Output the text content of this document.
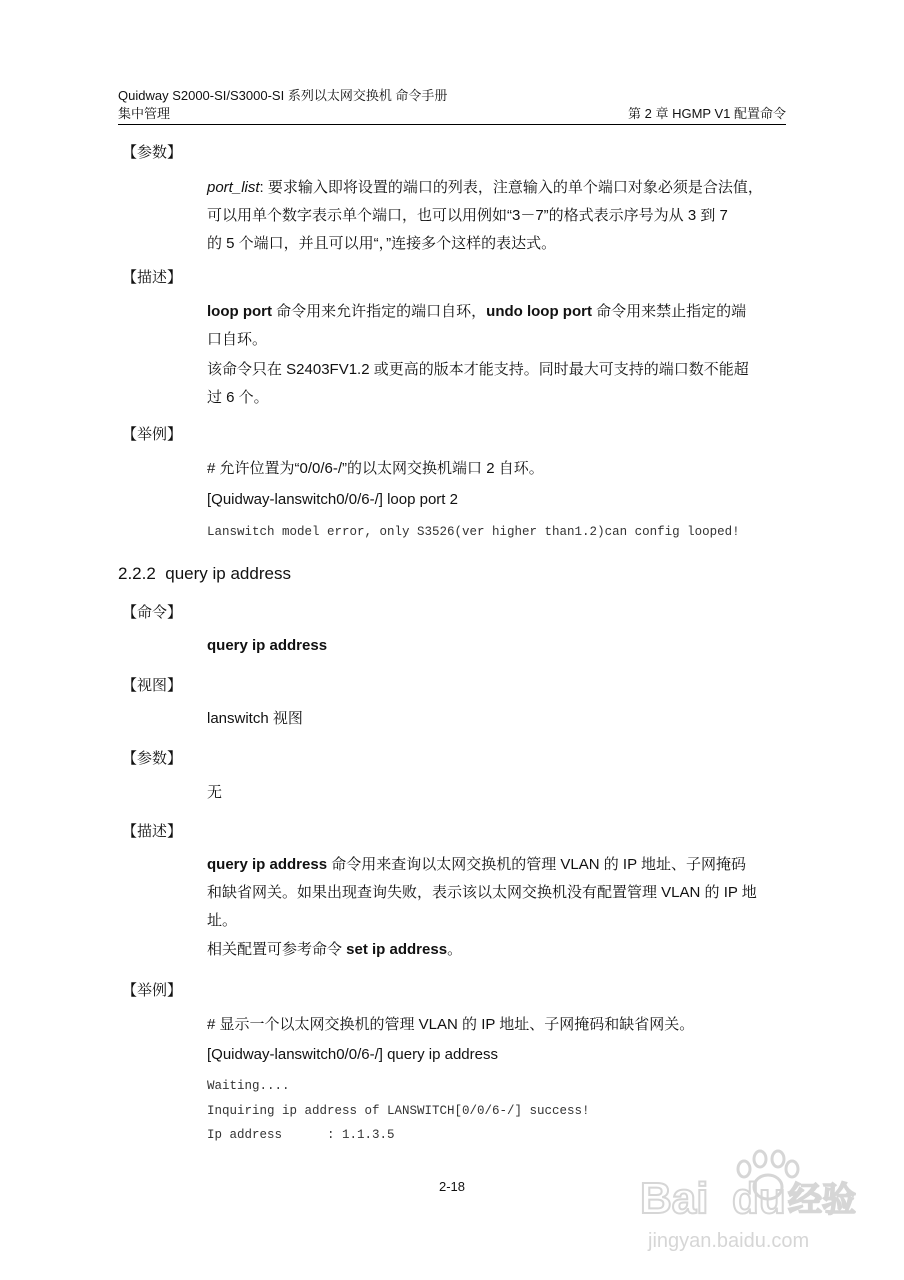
Quidway S2000-SI/S3000-SI 系列以太网交换机 命令手册
集中管理	第 2 章 HGMP V1 配置命令
【参数】
port_list: 要求输入即将设置的端口的列表，注意输入的单个端口对象必须是合法值，
可以用单个数字表示单个端口，也可以用例如“3－7”的格式表示序号为从 3 到 7
的 5 个端口，并且可以用“，”连接多个这样的表达式。
【描述】
loop port 命令用来允许指定的端口自环，undo loop port 命令用来禁止指定的端
口自环。
该命令只在 S2403FV1.2 或更高的版本才能支持。同时最大可支持的端口数不能超
过 6 个。
【举例】
# 允许位置为“0/0/6-/”的以太网交换机端口 2 自环。
[Quidway-lanswitch0/0/6-/] loop port 2
Lanswitch model error, only S3526(ver higher than1.2)can config looped!
2.2.2 query ip address
【命令】
query ip address
【视图】
lanswitch 视图
【参数】
无
【描述】
query ip address 命令用来查询以太网交换机的管理 VLAN 的 IP 地址、子网掩码
和缺省网关。如果出现查询失败，表示该以太网交换机没有配置管理 VLAN 的 IP 地
址。
相关配置可参考命令 set ip address。
【举例】
# 显示一个以太网交换机的管理 VLAN 的 IP 地址、子网掩码和缺省网关。
[Quidway-lanswitch0/0/6-/] query ip address
Waiting....
Inquiring ip address of LANSWITCH[0/0/6-/] success!
Ip address      : 1.1.3.5
2-18	Bai du 经验
jingyan.baidu.com
